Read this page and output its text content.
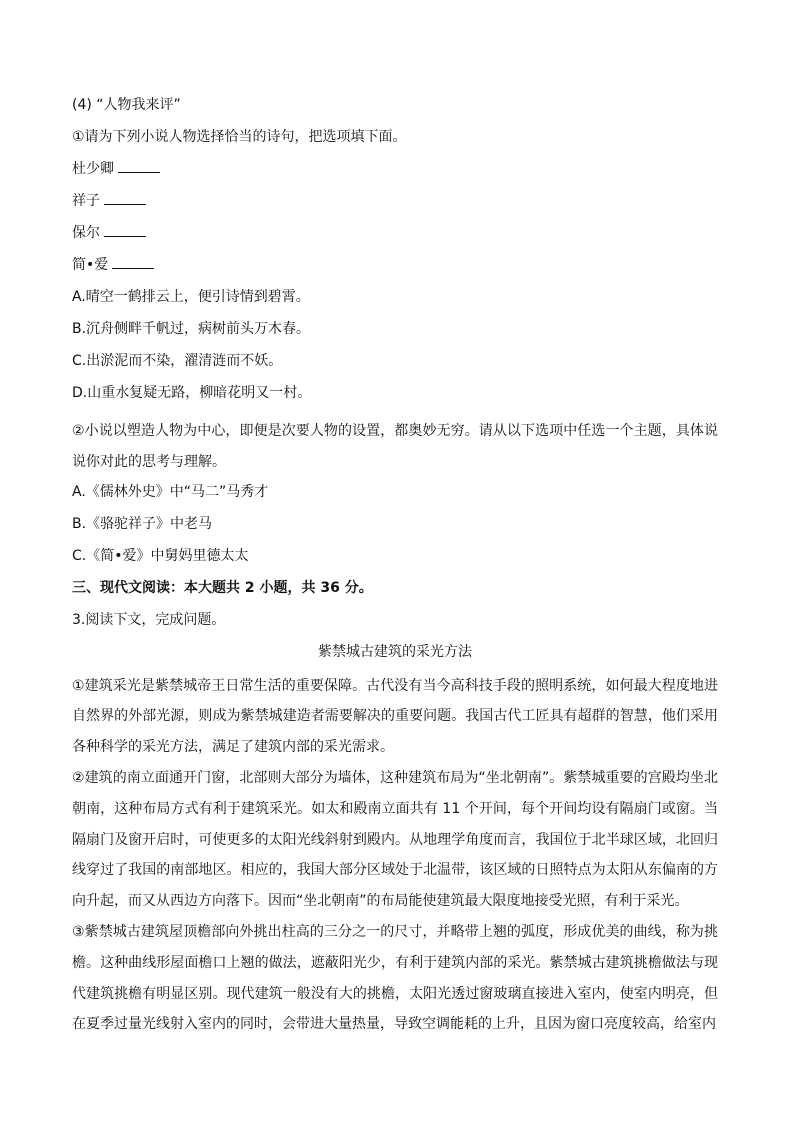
(4) “人物我来评”
①请为下列小说人物选择恰当的诗句，把选项填下面。
杜少卿
祥子
保尔
简•爱
A.晴空一鹤排云上，便引诗情到碧霄。
B.沉舟侧畔千帆过，病树前头万木春。
C.出淤泥而不染，濯清涟而不妖。
D.山重水复疑无路，柳暗花明又一村。
②小说以塑造人物为中心，即便是次要人物的设置，都奥妙无穷。请从以下选项中任选一个主题，具体说说你对此的思考与理解。
A.《儒林外史》中“马二”马秀才
B.《骆驼祥子》中老马
C.《简•爱》中舅妈里德太太
三、现代文阅读：本大题共 2 小题，共 36 分。
3.阅读下文，完成问题。
紫禁城古建筑的采光方法
①建筑采光是紫禁城帝王日常生活的重要保障。古代没有当今高科技手段的照明系统，如何最大程度地进自然界的外部光源，则成为紫禁城建造者需要解决的重要问题。我国古代工匠具有超群的智慧，他们采用各种科学的采光方法，满足了建筑内部的采光需求。
②建筑的南立面通开门窗，北部则大部分为墙体，这种建筑布局为“坐北朝南”。紫禁城重要的宫殿均坐北朝南，这种布局方式有利于建筑采光。如太和殿南立面共有 11 个开间，每个开间均设有隔扇门或窗。当隔扇门及窗开启时，可使更多的太阳光线斜射到殿内。从地理学角度而言，我国位于北半球区域，北回归线穿过了我国的南部地区。相应的，我国大部分区域处于北温带，该区域的日照特点为太阳从东偏南的方向升起，而又从西边方向落下。因而“坐北朝南”的布局能使建筑最大限度地接受光照，有利于采光。
③紫禁城古建筑屋顶檐部向外挑出柱高的三分之一的尺寸，并略带上翘的弧度，形成优美的曲线，称为挑檐。这种曲线形屋面檐口上翘的做法，遮蔽阳光少，有利于建筑内部的采光。紫禁城古建筑挑檐做法与现代建筑挑檐有明显区别。现代建筑一般没有大的挑檐，太阳光透过窗玻璃直接进入室内，使室内明亮，但在夏季过量光线射入室内的同时，会带进大量热量，导致空调能耗的上升，且因为窗口亮度较高，给室内
